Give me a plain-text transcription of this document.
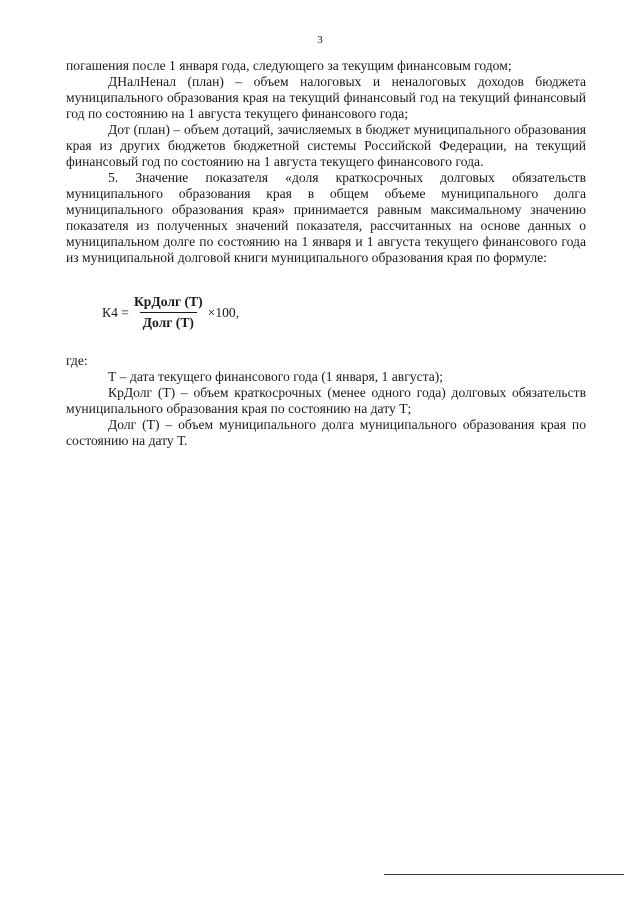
3

погашения после 1 января года, следующего за текущим финансовым годом;

ДНалНенал (план) – объем налоговых и неналоговых доходов бюджета муниципального образования края на текущий финансовый год на текущий финансовый год по состоянию на 1 августа текущего финансового года;

Дот (план) – объем дотаций, зачисляемых в бюджет муниципального образования края из других бюджетов бюджетной системы Российской Федерации, на текущий финансовый год по состоянию на 1 августа текущего финансового года.

5. Значение показателя «доля краткосрочных долговых обязательств муниципального образования края в общем объеме муниципального долга муниципального образования края» принимается равным максимальному значению показателя из полученных значений показателя, рассчитанных на основе данных о муниципальном долге по состоянию на 1 января и 1 августа текущего финансового года из муниципальной долговой книги муниципального образования края по формуле:

$К4 = \frac{\text{КрДолг (Т)}}{\text{Долг (Т)}} \times 100$,

где:

Т – дата текущего финансового года (1 января, 1 августа);

КрДолг (Т) – объем краткосрочных (менее одного года) долговых обязательств муниципального образования края по состоянию на дату Т;

Долг (Т) – объем муниципального долга муниципального образования края по состоянию на дату Т.
